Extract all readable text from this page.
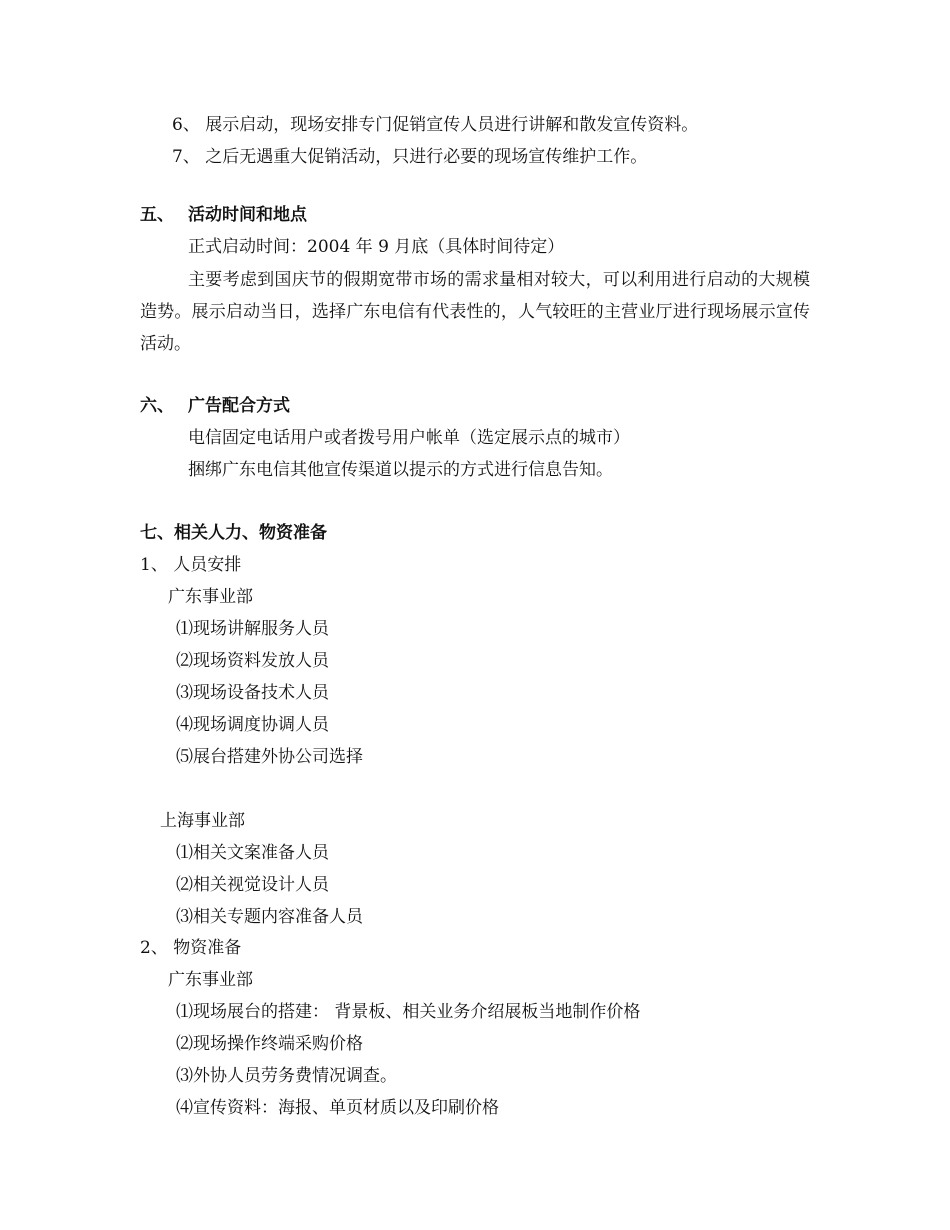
6、 展示启动，现场安排专门促销宣传人员进行讲解和散发宣传资料。
7、 之后无遇重大促销活动，只进行必要的现场宣传维护工作。
五、 活动时间和地点
正式启动时间：2004 年 9 月底（具体时间待定）
主要考虑到国庆节的假期宽带市场的需求量相对较大，可以利用进行启动的大规模造势。展示启动当日，选择广东电信有代表性的，人气较旺的主营业厅进行现场展示宣传活动。
六、 广告配合方式
电信固定电话用户或者拨号用户帐单（选定展示点的城市）
捆绑广东电信其他宣传渠道以提示的方式进行信息告知。
七、相关人力、物资准备
1、 人员安排
广东事业部
⑴现场讲解服务人员
⑵现场资料发放人员
⑶现场设备技术人员
⑷现场调度协调人员
⑸展台搭建外协公司选择
上海事业部
⑴相关文案准备人员
⑵相关视觉设计人员
⑶相关专题内容准备人员
2、 物资准备
广东事业部
⑴现场展台的搭建： 背景板、相关业务介绍展板当地制作价格
⑵现场操作终端采购价格
⑶外协人员劳务费情况调查。
⑷宣传资料：海报、单页材质以及印刷价格
